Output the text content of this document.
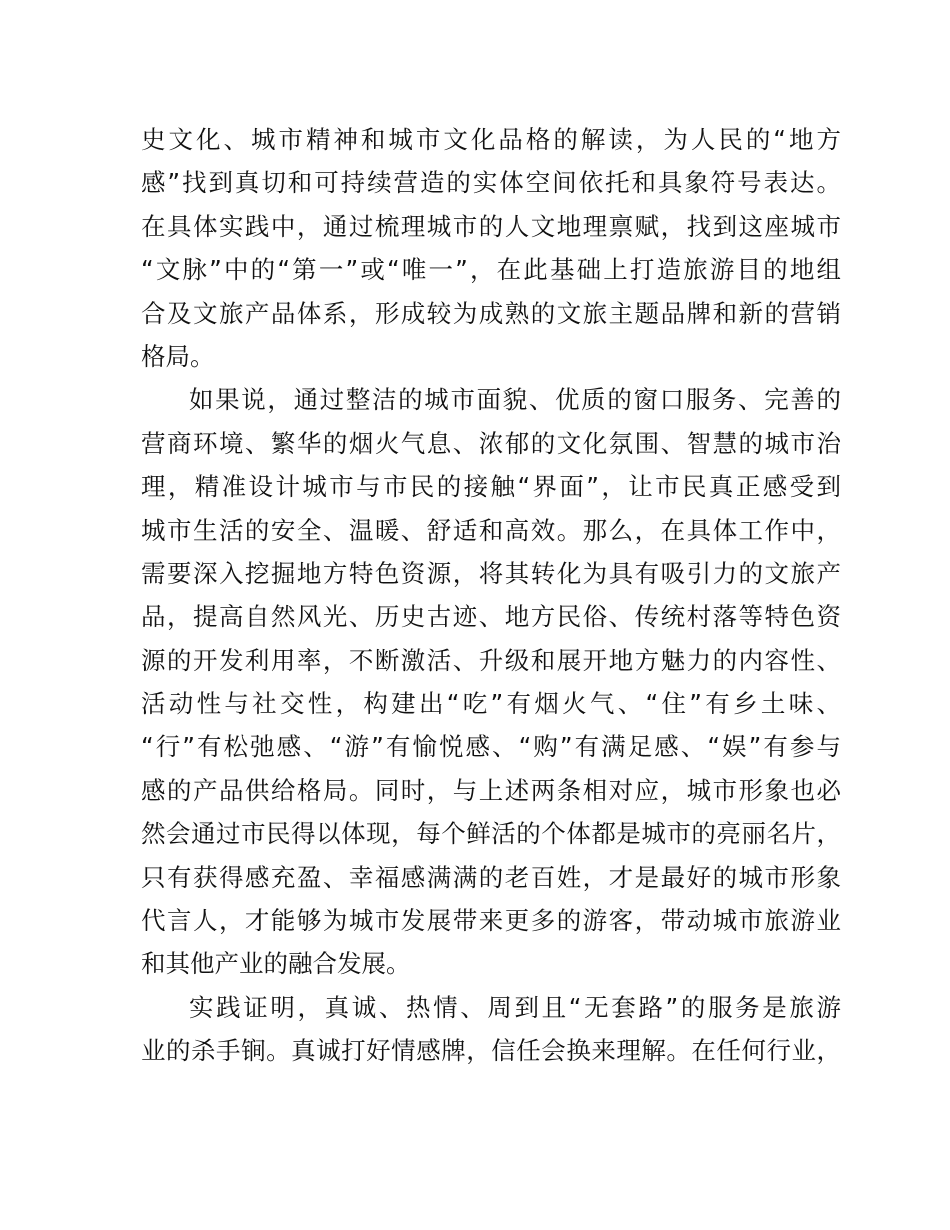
史文化、城市精神和城市文化品格的解读，为人民的“地方
感”找到真切和可持续营造的实体空间依托和具象符号表达。
在具体实践中，通过梳理城市的人文地理禀赋，找到这座城市
“文脉”中的“第一”或“唯一”，在此基础上打造旅游目的地组
合及文旅产品体系，形成较为成熟的文旅主题品牌和新的营销
格局。
如果说，通过整洁的城市面貌、优质的窗口服务、完善的
营商环境、繁华的烟火气息、浓郁的文化氛围、智慧的城市治
理，精准设计城市与市民的接触“界面”，让市民真正感受到
城市生活的安全、温暖、舒适和高效。那么，在具体工作中，
需要深入挖掘地方特色资源，将其转化为具有吸引力的文旅产
品，提高自然风光、历史古迹、地方民俗、传统村落等特色资
源的开发利用率，不断激活、升级和展开地方魅力的内容性、
活动性与社交性，构建出“吃”有烟火气、“住”有乡土味、
“行”有松弛感、“游”有愉悦感、“购”有满足感、“娱”有参与
感的产品供给格局。同时，与上述两条相对应，城市形象也必
然会通过市民得以体现，每个鲜活的个体都是城市的亮丽名片，
只有获得感充盈、幸福感满满的老百姓，才是最好的城市形象
代言人，才能够为城市发展带来更多的游客，带动城市旅游业
和其他产业的融合发展。
实践证明，真诚、热情、周到且“无套路”的服务是旅游
业的杀手锏。真诚打好情感牌，信任会换来理解。在任何行业，
